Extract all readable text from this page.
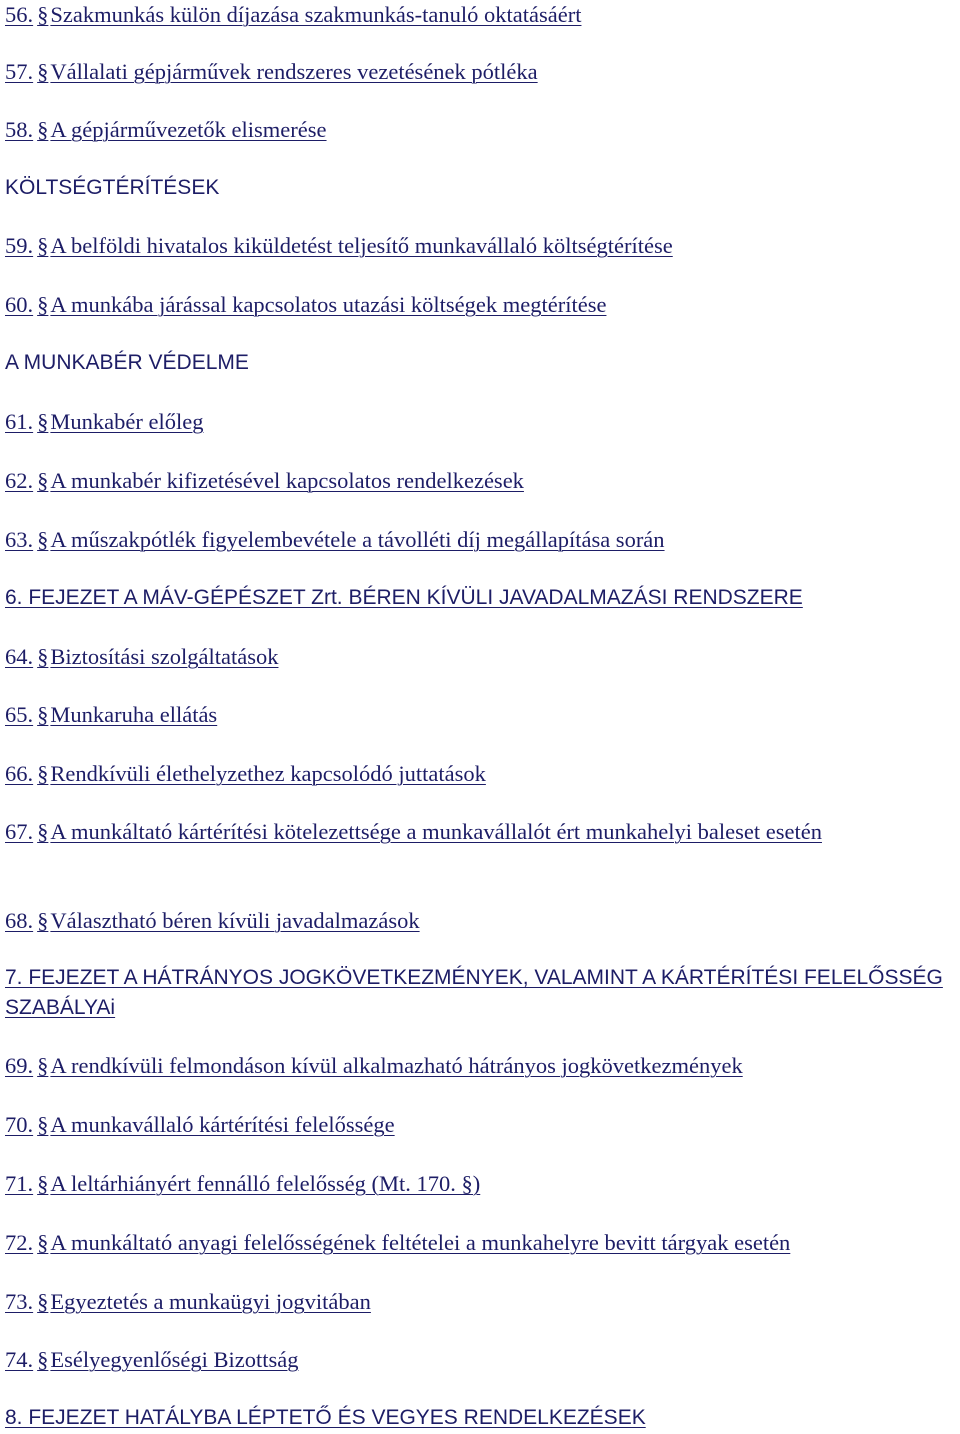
56. §Szakmunkás külön díjazása szakmunkás-tanuló oktatásáért
57. §Vállalati gépjárművek rendszeres vezetésének pótléka
58. §A gépjárművezetők elismerése
KÖLTSÉGTÉRÍTÉSEK
59. §A belföldi hivatalos kiküldetést teljesítő munkavállaló költségtérítése
60. §A munkába járással kapcsolatos utazási költségek megtérítése
A MUNKABÉR VÉDELME
61. §Munkabér előleg
62. §A munkabér kifizetésével kapcsolatos rendelkezések
63. §A műszakpótlék figyelembevétele a távolléti díj megállapítása során
6. FEJEZET A MÁV-GÉPÉSZET Zrt. BÉREN KÍVÜLI JAVADALMAZÁSI RENDSZERE
64. §Biztosítási szolgáltatások
65. §Munkaruha ellátás
66. §Rendkívüli élethelyzethez kapcsolódó juttatások
67. §A munkáltató kártérítési kötelezettsége a munkavállalót ért munkahelyi baleset esetén
68. §Választható béren kívüli javadalmazások
7. FEJEZET A HÁTRÁNYOS JOGKÖVETKEZMÉNYEK, VALAMINT A KÁRTÉRÍTÉSI FELELŐSSÉG SZABÁLYAi
69. §A rendkívüli felmondáson kívül alkalmazható hátrányos jogkövetkezmények
70. §A munkavállaló kártérítési felelőssége
71. §A leltárhiányért fennálló felelősség (Mt. 170. §)
72. §A munkáltató anyagi felelősségének feltételei a munkahelyre bevitt tárgyak esetén
73. §Egyeztetés a munkaügyi jogvitában
74. §Esélyegyenlőségi Bizottság
8. FEJEZET HATÁLYBA LÉPTETŐ ÉS VEGYES RENDELKEZÉSEK
